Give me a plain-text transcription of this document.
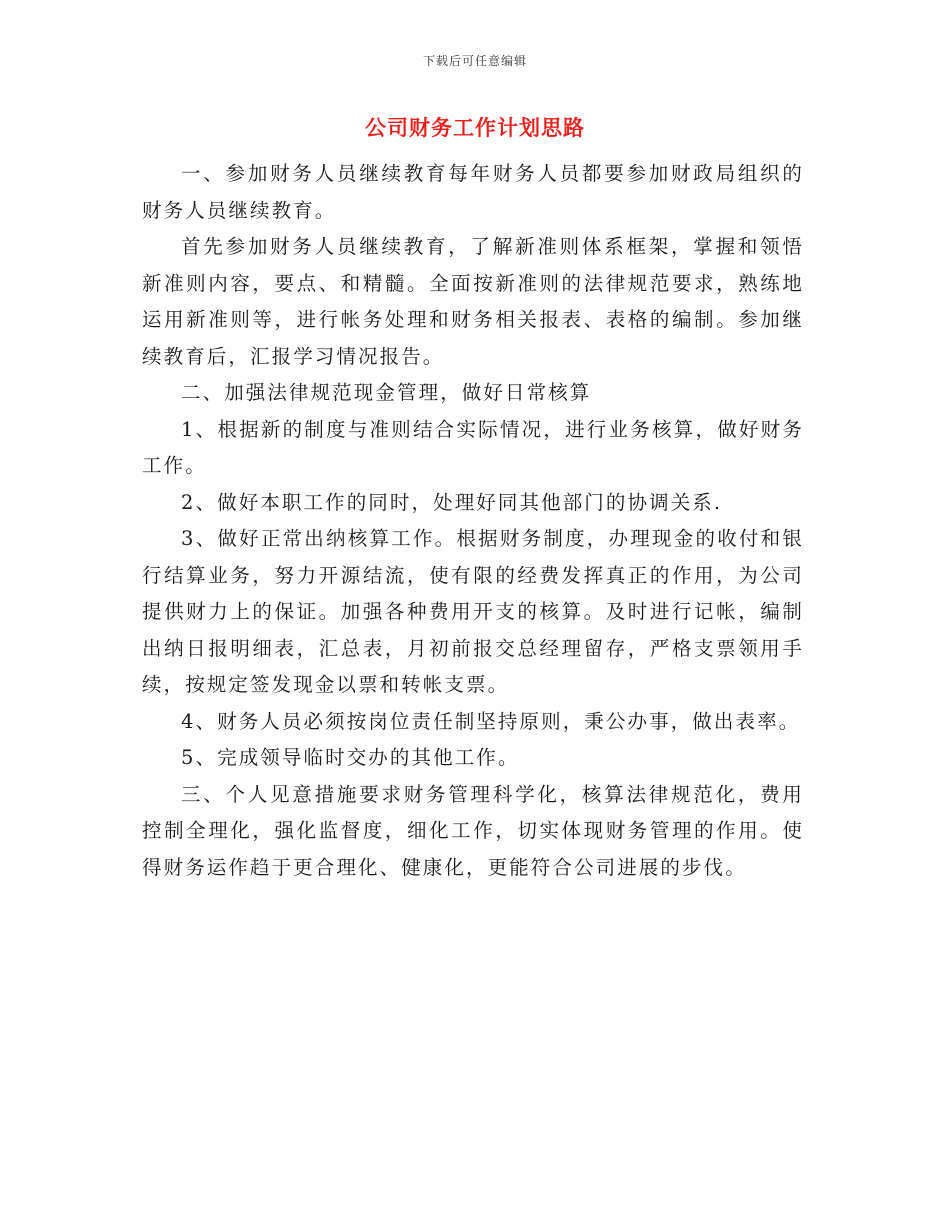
下载后可任意编辑
公司财务工作计划思路

一、参加财务人员继续教育每年财务人员都要参加财政局组织的财务人员继续教育。

首先参加财务人员继续教育，了解新准则体系框架，掌握和领悟新准则内容，要点、和精髓。全面按新准则的法律规范要求，熟练地运用新准则等，进行帐务处理和财务相关报表、表格的编制。参加继续教育后，汇报学习情况报告。

二、加强法律规范现金管理，做好日常核算

1、根据新的制度与准则结合实际情况，进行业务核算，做好财务工作。

2、做好本职工作的同时，处理好同其他部门的协调关系.

3、做好正常出纳核算工作。根据财务制度，办理现金的收付和银行结算业务，努力开源结流，使有限的经费发挥真正的作用，为公司提供财力上的保证。加强各种费用开支的核算。及时进行记帐，编制出纳日报明细表，汇总表，月初前报交总经理留存，严格支票领用手续，按规定签发现金以票和转帐支票。

4、财务人员必须按岗位责任制坚持原则，秉公办事，做出表率。

5、完成领导临时交办的其他工作。

三、个人见意措施要求财务管理科学化，核算法律规范化，费用控制全理化，强化监督度，细化工作，切实体现财务管理的作用。使得财务运作趋于更合理化、健康化，更能符合公司进展的步伐。
